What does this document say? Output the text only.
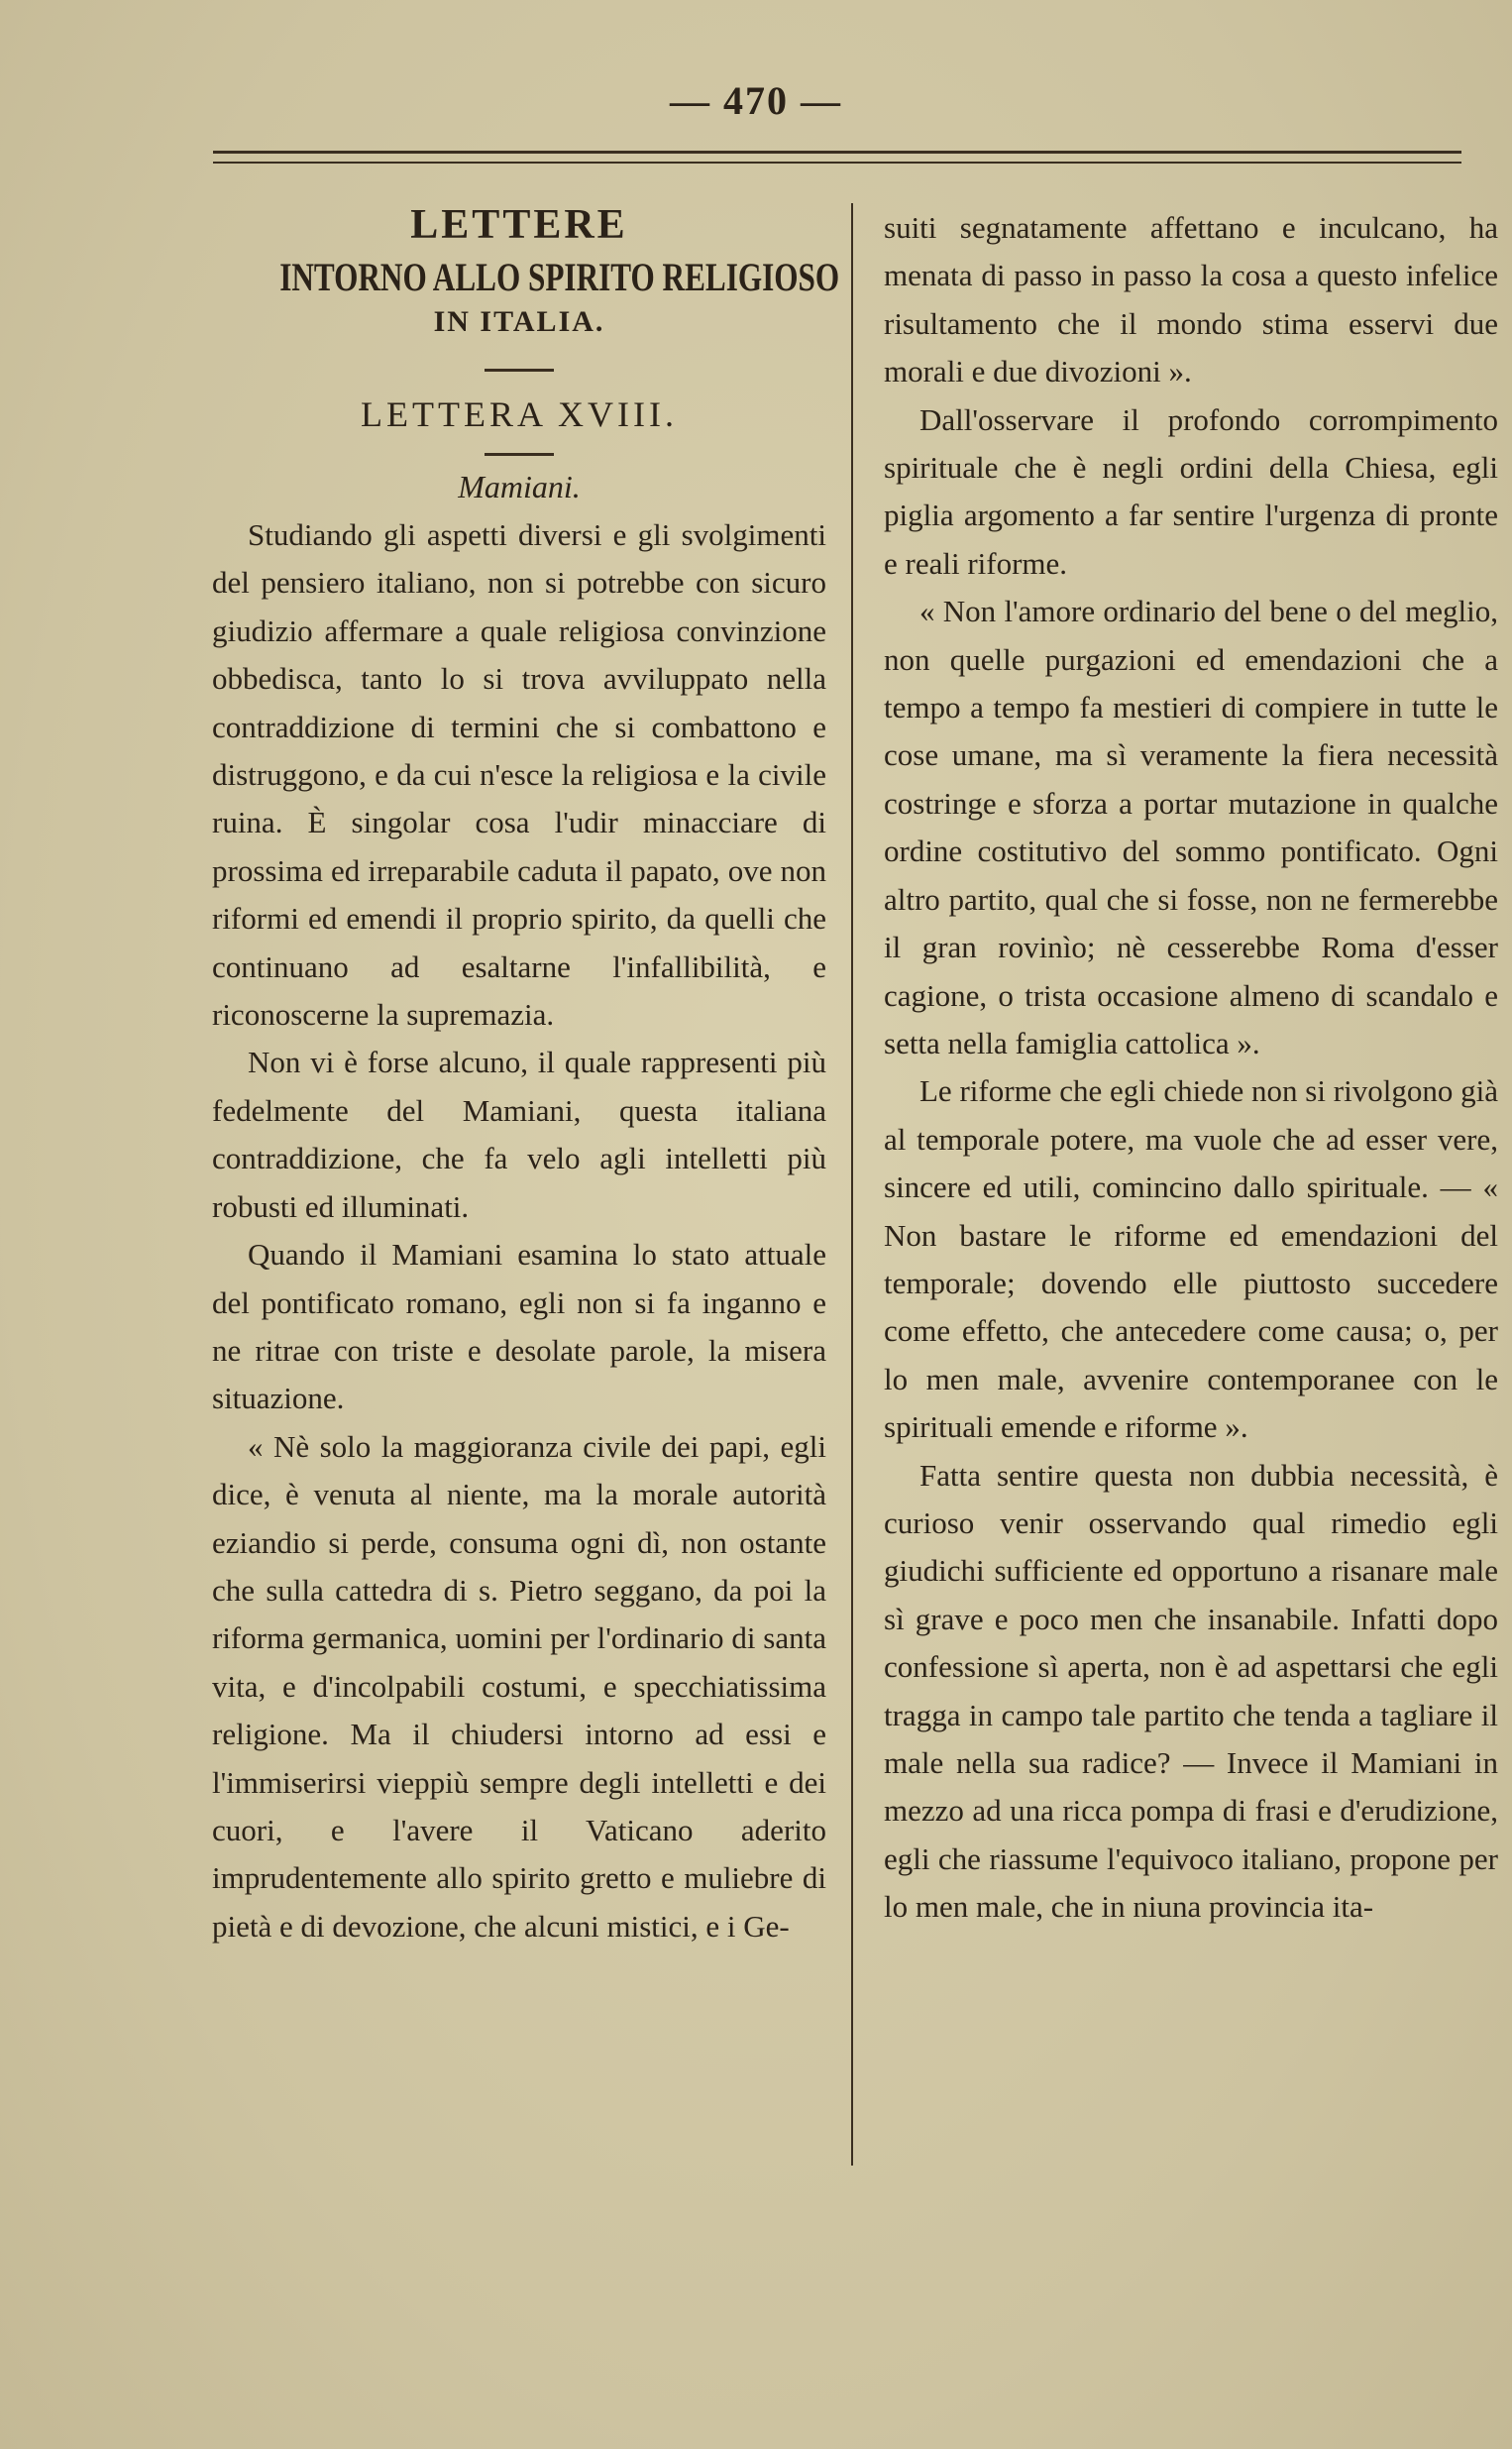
— 470 —
LETTERE
INTORNO ALLO SPIRITO RELIGIOSO
IN ITALIA.
LETTERA XVIII.
Mamiani.

Studiando gli aspetti diversi e gli svolgimenti del pensiero italiano, non si potrebbe con sicuro giudizio affermare a quale religiosa convinzione obbedisca, tanto lo si trova avviluppato nella contraddizione di termini che si combattono e distruggono, e da cui n'esce la religiosa e la civile ruina. È singolar cosa l'udir minacciare di prossima ed irreparabile caduta il papato, ove non riformi ed emendi il proprio spirito, da quelli che continuano ad esaltarne l'infallibilità, e riconoscerne la supremazia.

Non vi è forse alcuno, il quale rappresenti più fedelmente del Mamiani, questa italiana contraddizione, che fa velo agli intelletti più robusti ed illuminati.

Quando il Mamiani esamina lo stato attuale del pontificato romano, egli non si fa inganno e ne ritrae con triste e desolate parole, la misera situazione.

« Nè solo la maggioranza civile dei papi, egli dice, è venuta al niente, ma la morale autorità eziandio si perde, consuma ogni dì, non ostante che sulla cattedra di s. Pietro seggano, da poi la riforma germanica, uomini per l'ordinario di santa vita, e d'incolpabili costumi, e specchiatissima religione. Ma il chiudersi intorno ad essi e l'immiserirsi vieppiù sempre degli intelletti e dei cuori, e l'avere il Vaticano aderito imprudentemente allo spirito gretto e muliebre di pietà e di devozione, che alcuni mistici, e i Ge-

suiti segnatamente affettano e inculcano, ha menata di passo in passo la cosa a questo infelice risultamento che il mondo stima esservi due morali e due divozioni ».

Dall'osservare il profondo corrompimento spirituale che è negli ordini della Chiesa, egli piglia argomento a far sentire l'urgenza di pronte e reali riforme.

« Non l'amore ordinario del bene o del meglio, non quelle purgazioni ed emendazioni che a tempo a tempo fa mestieri di compiere in tutte le cose umane, ma sì veramente la fiera necessità costringe e sforza a portar mutazione in qualche ordine costitutivo del sommo pontificato. Ogni altro partito, qual che si fosse, non ne fermerebbe il gran rovinìo; nè cesserebbe Roma d'esser cagione, o trista occasione almeno di scandalo e setta nella famiglia cattolica ».

Le riforme che egli chiede non si rivolgono già al temporale potere, ma vuole che ad esser vere, sincere ed utili, comincino dallo spirituale. — « Non bastare le riforme ed emendazioni del temporale; dovendo elle piuttosto succedere come effetto, che antecedere come causa; o, per lo men male, avvenire contemporanee con le spirituali emende e riforme ».

Fatta sentire questa non dubbia necessità, è curioso venir osservando qual rimedio egli giudichi sufficiente ed opportuno a risanare male sì grave e poco men che insanabile. Infatti dopo confessione sì aperta, non è ad aspettarsi che egli tragga in campo tale partito che tenda a tagliare il male nella sua radice? — Invece il Mamiani in mezzo ad una ricca pompa di frasi e d'erudizione, egli che riassume l'equivoco italiano, propone per lo men male, che in niuna provincia ita-
